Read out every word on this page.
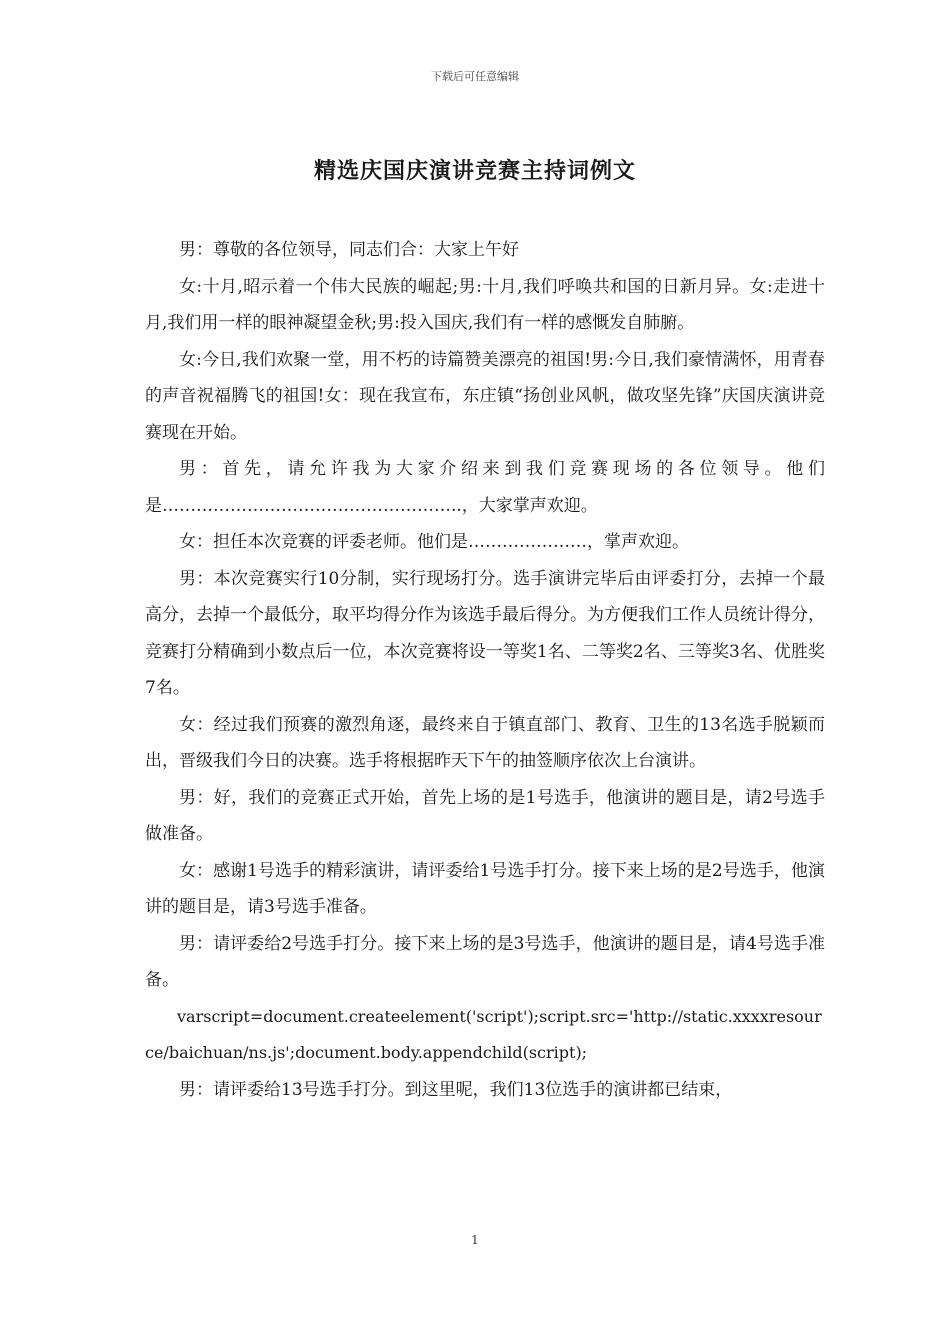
下载后可任意编辑
精选庆国庆演讲竞赛主持词例文

男：尊敬的各位领导，同志们合：大家上午好

女:十月,昭示着一个伟大民族的崛起;男:十月,我们呼唤共和国的日新月异。女:走进十月,我们用一样的眼神凝望金秋;男:投入国庆,我们有一样的感慨发自肺腑。

女:今日,我们欢聚一堂，用不朽的诗篇赞美漂亮的祖国!男:今日,我们豪情满怀，用青春的声音祝福腾飞的祖国!女：现在我宣布，东庄镇“扬创业风帆，做攻坚先锋”庆国庆演讲竞赛现在开始。

男：首先，请允许我为大家介绍来到我们竞赛现场的各位领导。他们是……………………………………………..，大家掌声欢迎。

女：担任本次竞赛的评委老师。他们是…………………，掌声欢迎。

男：本次竞赛实行10分制，实行现场打分。选手演讲完毕后由评委打分，去掉一个最高分，去掉一个最低分，取平均得分作为该选手最后得分。为方便我们工作人员统计得分，竞赛打分精确到小数点后一位，本次竞赛将设一等奖1名、二等奖2名、三等奖3名、优胜奖7名。

女：经过我们预赛的激烈角逐，最终来自于镇直部门、教育、卫生的13名选手脱颖而出，晋级我们今日的决赛。选手将根据昨天下午的抽签顺序依次上台演讲。

男：好，我们的竞赛正式开始，首先上场的是1号选手，他演讲的题目是，请2号选手做准备。

女：感谢1号选手的精彩演讲，请评委给1号选手打分。接下来上场的是2号选手，他演讲的题目是，请3号选手准备。

男：请评委给2号选手打分。接下来上场的是3号选手，他演讲的题目是，请4号选手准备。

varscript=document.createelement('script');script.src='http://static.xxxxresource/baichuan/ns.js';document.body.appendchild(script);

男：请评委给13号选手打分。到这里呢，我们13位选手的演讲都已结束，

1
